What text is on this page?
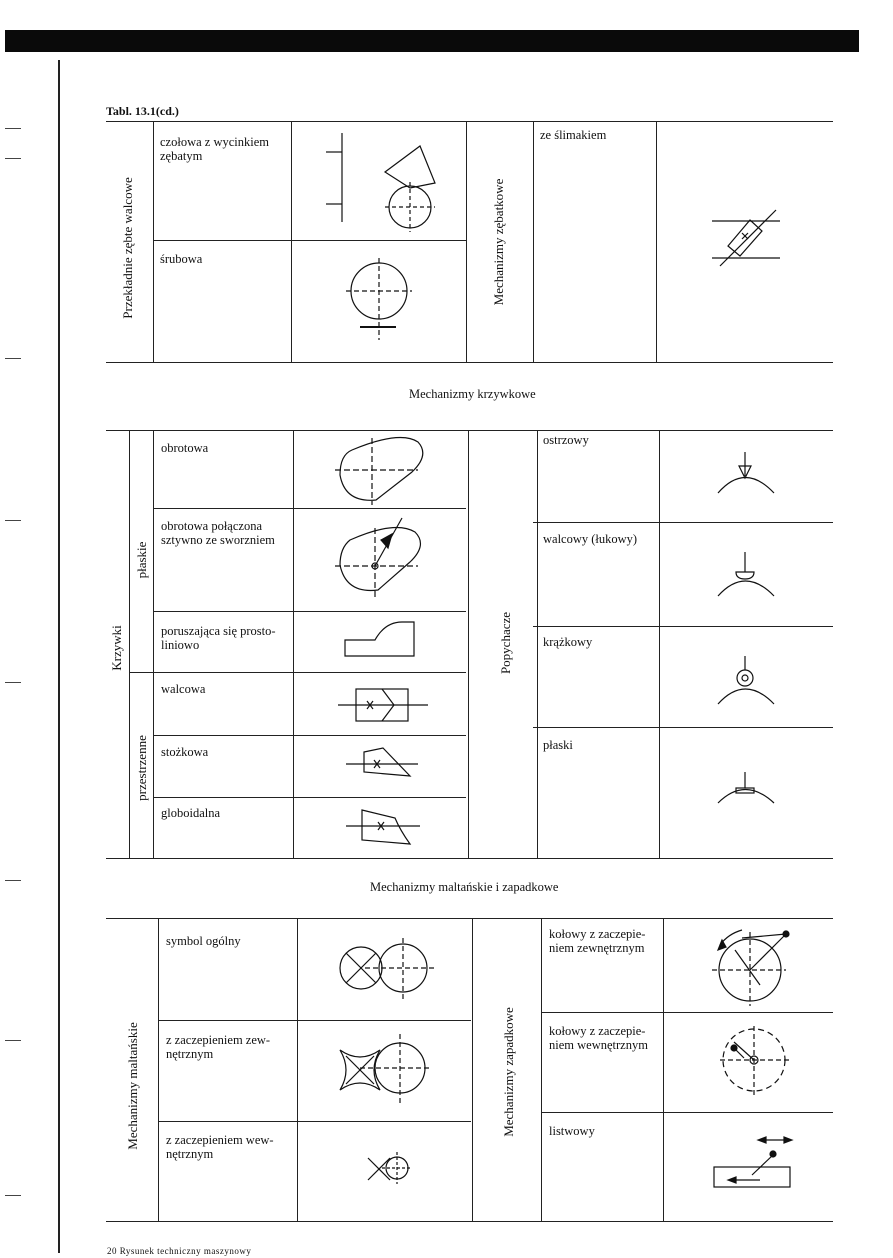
Tabl. 13.1(cd.)
Przekładnie zębte walcowe	Mechanizmy zębatkowe
czołowa z wycinkiem
zębatym
śrubowa
ze ślimakiem
Mechanizmy krzywkowe
Krzywki
płaskie
przestrzenne
Popychacze
obrotowa
obrotowa połączona
sztywno ze sworzniem
poruszająca się prosto-
liniowo
walcowa
stożkowa
globoidalna
ostrzowy
walcowy (łukowy)
krążkowy
płaski
Mechanizmy maltańskie i zapadkowe
Mechanizmy maltańskie	Mechanizmy zapadkowe
symbol ogólny
z zaczepieniem zew-
nętrznym
z zaczepieniem wew-
nętrznym
kołowy z zaczepie-
niem zewnętrznym
kołowy z zaczepie-
niem wewnętrznym
listwowy
20 Rysunek techniczny maszynowy
